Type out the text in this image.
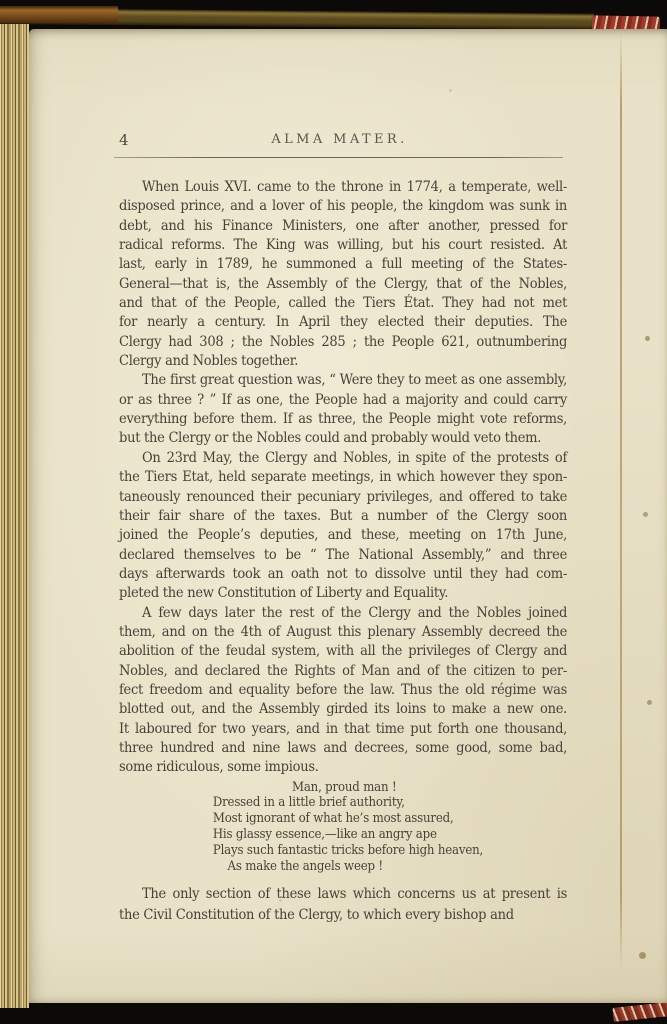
4	ALMA MATER.
When Louis XVI. came to the throne in 1774, a temperate, well-
disposed prince, and a lover of his people, the kingdom was sunk in
debt, and his Finance Ministers, one after another, pressed for
radical reforms. The King was willing, but his court resisted. At
last, early in 1789, he summoned a full meeting of the States-
General—that is, the Assembly of the Clergy, that of the Nobles,
and that of the People, called the Tiers État. They had not met
for nearly a century. In April they elected their deputies. The
Clergy had 308 ; the Nobles 285 ; the People 621, outnumbering
Clergy and Nobles together.
The first great question was, “ Were they to meet as one assembly,
or as three ? ” If as one, the People had a majority and could carry
everything before them. If as three, the People might vote reforms,
but the Clergy or the Nobles could and probably would veto them.
On 23rd May, the Clergy and Nobles, in spite of the protests of
the Tiers Etat, held separate meetings, in which however they spon-
taneously renounced their pecuniary privileges, and offered to take
their fair share of the taxes. But a number of the Clergy soon
joined the People’s deputies, and these, meeting on 17th June,
declared themselves to be “ The National Assembly,” and three
days afterwards took an oath not to dissolve until they had com-
pleted the new Constitution of Liberty and Equality.
A few days later the rest of the Clergy and the Nobles joined
them, and on the 4th of August this plenary Assembly decreed the
abolition of the feudal system, with all the privileges of Clergy and
Nobles, and declared the Rights of Man and of the citizen to per-
fect freedom and equality before the law. Thus the old régime was
blotted out, and the Assembly girded its loins to make a new one.
It laboured for two years, and in that time put forth one thousand,
three hundred and nine laws and decrees, some good, some bad,
some ridiculous, some impious.
Man, proud man !
Dressed in a little brief authority,
Most ignorant of what he’s most assured,
His glassy essence,—like an angry ape
Plays such fantastic tricks before high heaven,
As make the angels weep !
The only section of these laws which concerns us at present is
the Civil Constitution of the Clergy, to which every bishop and
